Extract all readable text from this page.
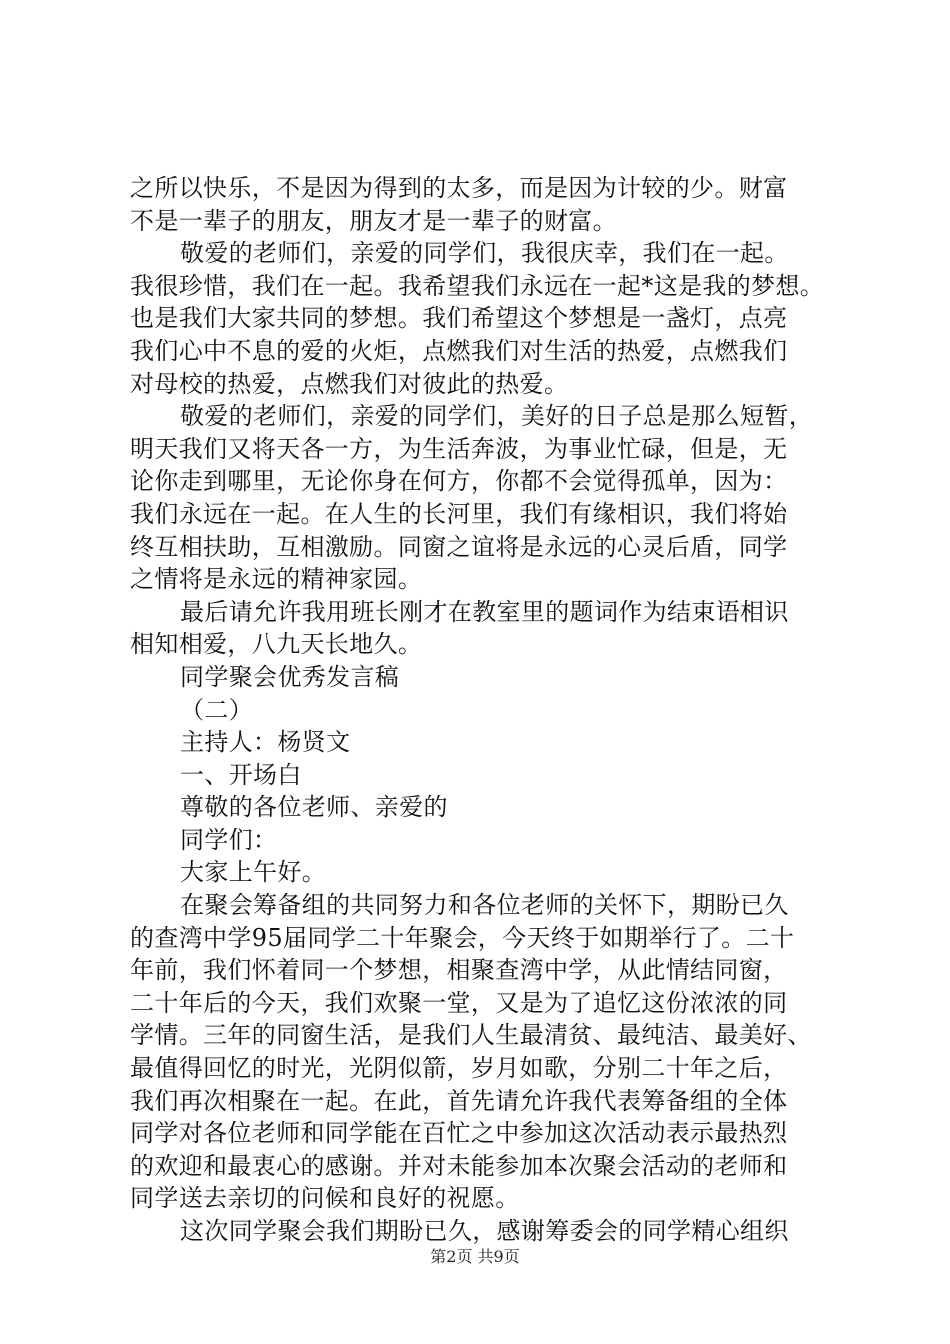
之所以快乐，不是因为得到的太多，而是因为计较的少。财富
不是一辈子的朋友，朋友才是一辈子的财富。
敬爱的老师们，亲爱的同学们，我很庆幸，我们在一起。
我很珍惜，我们在一起。我希望我们永远在一起*这是我的梦想。
也是我们大家共同的梦想。我们希望这个梦想是一盏灯，点亮
我们心中不息的爱的火炬，点燃我们对生活的热爱，点燃我们
对母校的热爱，点燃我们对彼此的热爱。
敬爱的老师们，亲爱的同学们，美好的日子总是那么短暂，
明天我们又将天各一方，为生活奔波，为事业忙碌，但是，无
论你走到哪里，无论你身在何方，你都不会觉得孤单，因为：
我们永远在一起。在人生的长河里，我们有缘相识，我们将始
终互相扶助，互相激励。同窗之谊将是永远的心灵后盾，同学
之情将是永远的精神家园。
最后请允许我用班长刚才在教室里的题词作为结束语相识
相知相爱，八九天长地久。
同学聚会优秀发言稿
（二）
主持人：杨贤文
一、开场白
尊敬的各位老师、亲爱的
同学们：
大家上午好。
在聚会筹备组的共同努力和各位老师的关怀下，期盼已久
的查湾中学95届同学二十年聚会，今天终于如期举行了。二十
年前，我们怀着同一个梦想，相聚查湾中学，从此情结同窗，
二十年后的今天，我们欢聚一堂，又是为了追忆这份浓浓的同
学情。三年的同窗生活，是我们人生最清贫、最纯洁、最美好、
最值得回忆的时光，光阴似箭，岁月如歌，分别二十年之后，
我们再次相聚在一起。在此，首先请允许我代表筹备组的全体
同学对各位老师和同学能在百忙之中参加这次活动表示最热烈
的欢迎和最衷心的感谢。并对未能参加本次聚会活动的老师和
同学送去亲切的问候和良好的祝愿。
这次同学聚会我们期盼已久，感谢筹委会的同学精心组织
第2页 共9页
